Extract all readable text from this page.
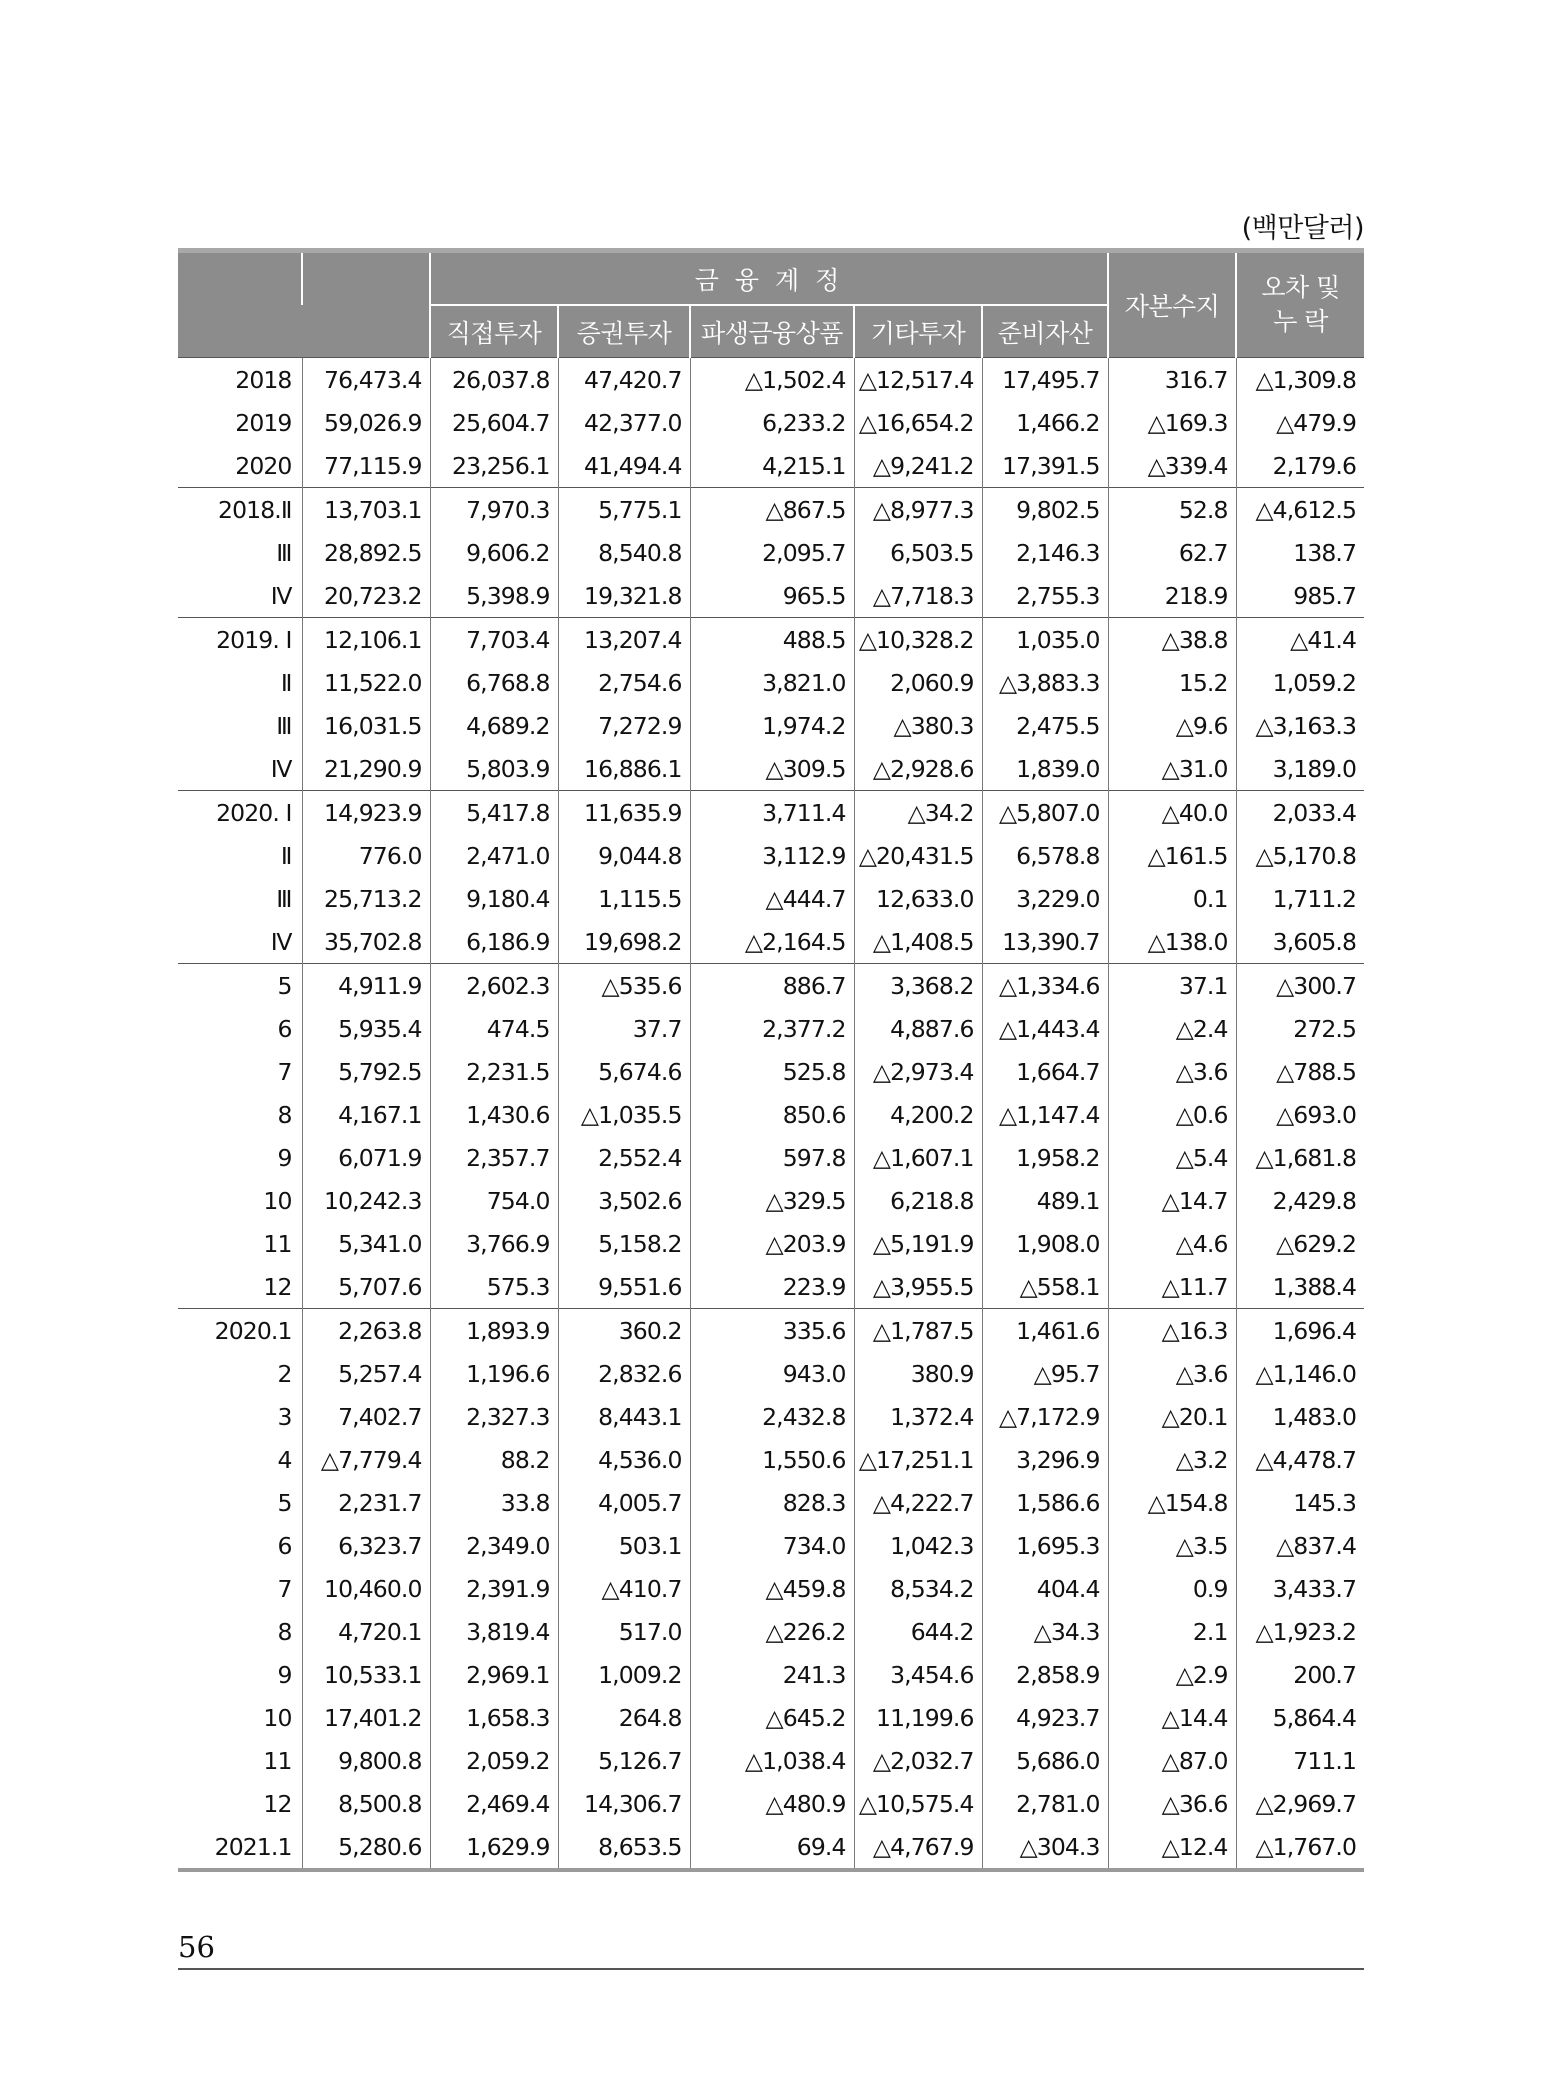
(백만달러)
		금 융 계 정					자본수지	오차 및
누 락

		직접투자	증권투자	파생금융상품	기타투자	준비자산		
2018	76,473.4	26,037.8	47,420.7	△1,502.4	△12,517.4	17,495.7	316.7	△1,309.8
2019	59,026.9	25,604.7	42,377.0	6,233.2	△16,654.2	1,466.2	△169.3	△479.9
2020	77,115.9	23,256.1	41,494.4	4,215.1	△9,241.2	17,391.5	△339.4	2,179.6
2018.Ⅱ	13,703.1	7,970.3	5,775.1	△867.5	△8,977.3	9,802.5	52.8	△4,612.5
Ⅲ	28,892.5	9,606.2	8,540.8	2,095.7	6,503.5	2,146.3	62.7	138.7
Ⅳ	20,723.2	5,398.9	19,321.8	965.5	△7,718.3	2,755.3	218.9	985.7
2019. Ⅰ	12,106.1	7,703.4	13,207.4	488.5	△10,328.2	1,035.0	△38.8	△41.4
Ⅱ	11,522.0	6,768.8	2,754.6	3,821.0	2,060.9	△3,883.3	15.2	1,059.2
Ⅲ	16,031.5	4,689.2	7,272.9	1,974.2	△380.3	2,475.5	△9.6	△3,163.3
Ⅳ	21,290.9	5,803.9	16,886.1	△309.5	△2,928.6	1,839.0	△31.0	3,189.0
2020. Ⅰ	14,923.9	5,417.8	11,635.9	3,711.4	△34.2	△5,807.0	△40.0	2,033.4
Ⅱ	776.0	2,471.0	9,044.8	3,112.9	△20,431.5	6,578.8	△161.5	△5,170.8
Ⅲ	25,713.2	9,180.4	1,115.5	△444.7	12,633.0	3,229.0	0.1	1,711.2
Ⅳ	35,702.8	6,186.9	19,698.2	△2,164.5	△1,408.5	13,390.7	△138.0	3,605.8
5	4,911.9	2,602.3	△535.6	886.7	3,368.2	△1,334.6	37.1	△300.7
6	5,935.4	474.5	37.7	2,377.2	4,887.6	△1,443.4	△2.4	272.5
7	5,792.5	2,231.5	5,674.6	525.8	△2,973.4	1,664.7	△3.6	△788.5
8	4,167.1	1,430.6	△1,035.5	850.6	4,200.2	△1,147.4	△0.6	△693.0
9	6,071.9	2,357.7	2,552.4	597.8	△1,607.1	1,958.2	△5.4	△1,681.8
10	10,242.3	754.0	3,502.6	△329.5	6,218.8	489.1	△14.7	2,429.8
11	5,341.0	3,766.9	5,158.2	△203.9	△5,191.9	1,908.0	△4.6	△629.2
12	5,707.6	575.3	9,551.6	223.9	△3,955.5	△558.1	△11.7	1,388.4
2020.1	2,263.8	1,893.9	360.2	335.6	△1,787.5	1,461.6	△16.3	1,696.4
2	5,257.4	1,196.6	2,832.6	943.0	380.9	△95.7	△3.6	△1,146.0
3	7,402.7	2,327.3	8,443.1	2,432.8	1,372.4	△7,172.9	△20.1	1,483.0
4	△7,779.4	88.2	4,536.0	1,550.6	△17,251.1	3,296.9	△3.2	△4,478.7
5	2,231.7	33.8	4,005.7	828.3	△4,222.7	1,586.6	△154.8	145.3
6	6,323.7	2,349.0	503.1	734.0	1,042.3	1,695.3	△3.5	△837.4
7	10,460.0	2,391.9	△410.7	△459.8	8,534.2	404.4	0.9	3,433.7
8	4,720.1	3,819.4	517.0	△226.2	644.2	△34.3	2.1	△1,923.2
9	10,533.1	2,969.1	1,009.2	241.3	3,454.6	2,858.9	△2.9	200.7
10	17,401.2	1,658.3	264.8	△645.2	11,199.6	4,923.7	△14.4	5,864.4
11	9,800.8	2,059.2	5,126.7	△1,038.4	△2,032.7	5,686.0	△87.0	711.1
12	8,500.8	2,469.4	14,306.7	△480.9	△10,575.4	2,781.0	△36.6	△2,969.7
2021.1	5,280.6	1,629.9	8,653.5	69.4	△4,767.9	△304.3	△12.4	△1,767.0
56
